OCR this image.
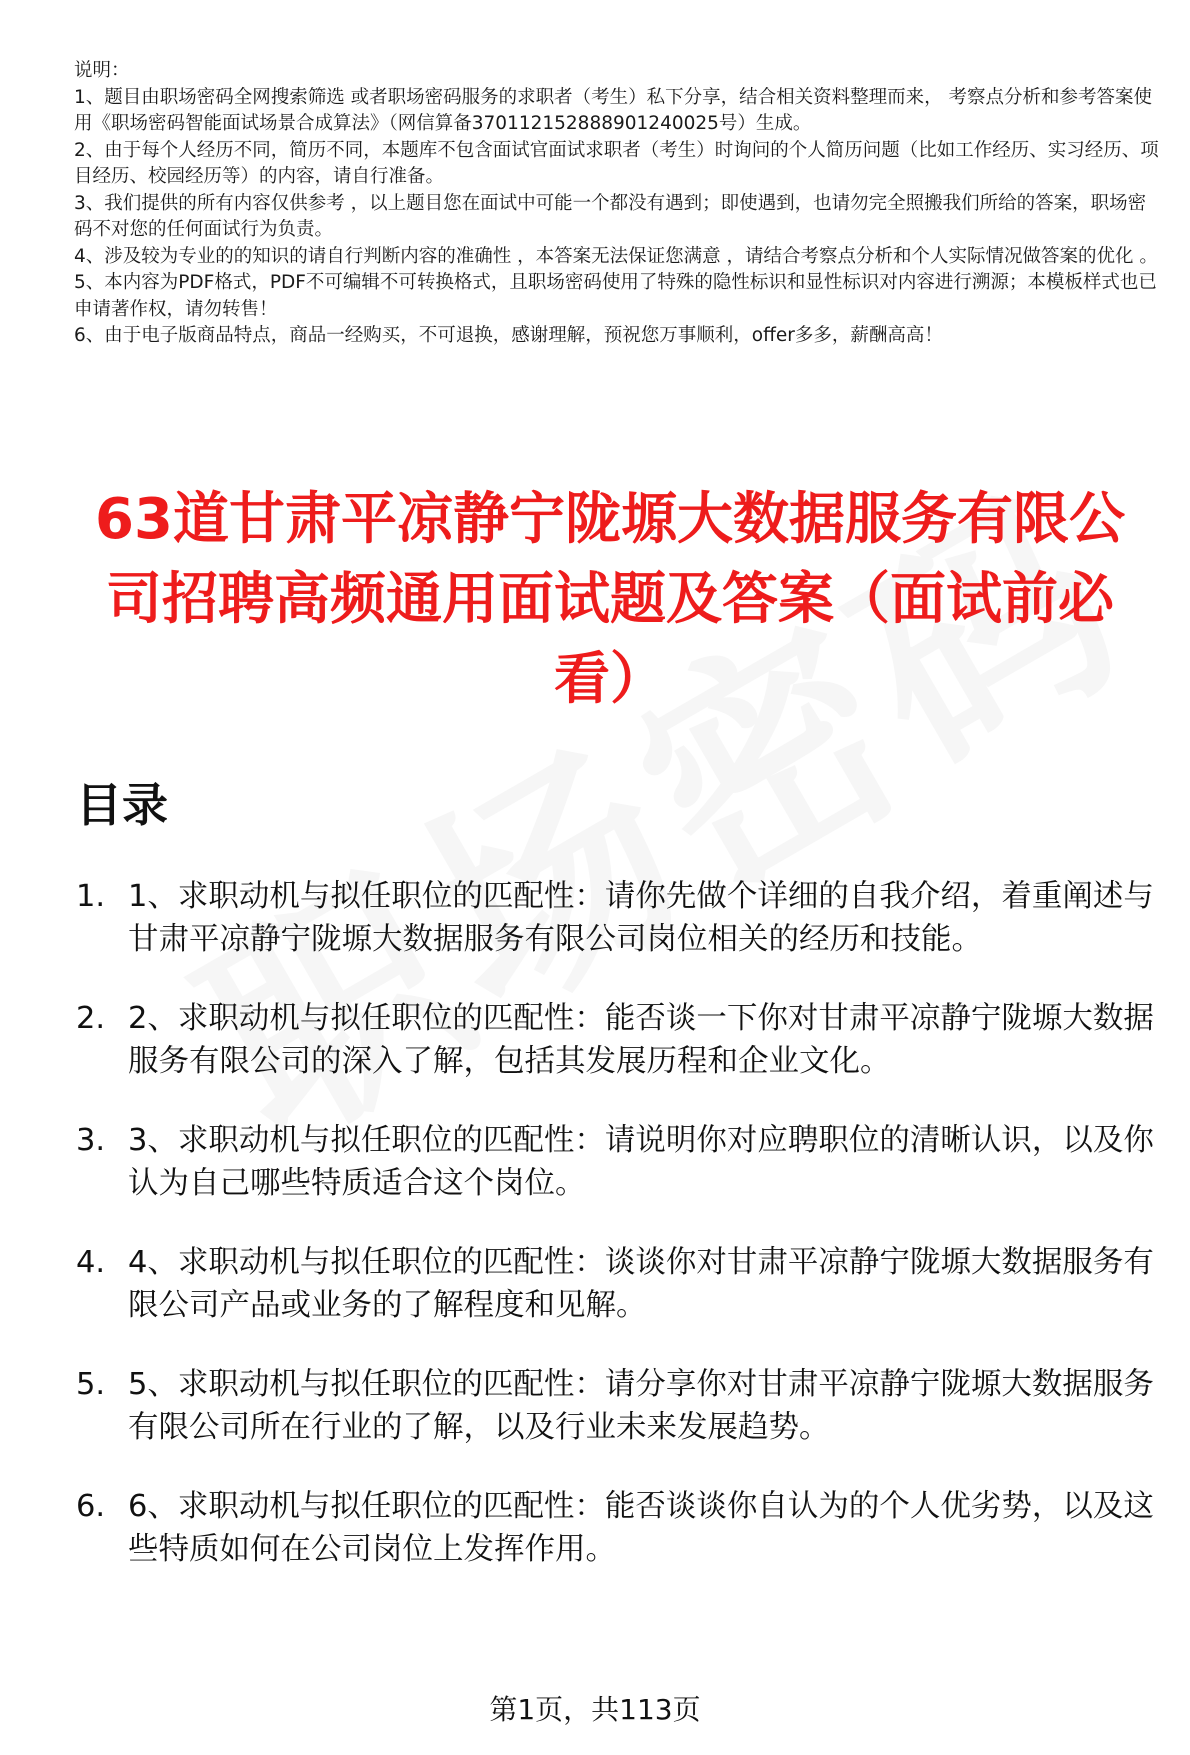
说明：

1、题目由职场密码全网搜索筛选 或者职场密码服务的求职者（考生）私下分享，结合相关资料整理而来， 考察点分析和参考答案使用《职场密码智能面试场景合成算法》（网信算备370112152888901240025号）生成。

2、由于每个人经历不同，简历不同，本题库不包含面试官面试求职者（考生）时询问的个人简历问题（比如工作经历、实习经历、项目经历、校园经历等）的内容，请自行准备。

3、我们提供的所有内容仅供参考 ，以上题目您在面试中可能一个都没有遇到；即使遇到，也请勿完全照搬我们所给的答案，职场密码不对您的任何面试行为负责。

4、涉及较为专业的的知识的请自行判断内容的准确性 ，本答案无法保证您满意 ，请结合考察点分析和个人实际情况做答案的优化 。

5、本内容为PDF格式，PDF不可编辑不可转换格式，且职场密码使用了特殊的隐性标识和显性标识对内容进行溯源；本模板样式也已申请著作权，请勿转售！

6、由于电子版商品特点，商品一经购买，不可退换，感谢理解，预祝您万事顺利，offer多多，薪酬高高！

63道甘肃平凉静宁陇塬大数据服务有限公司招聘高频通用面试题及答案（面试前必看）
目录
1. 1、求职动机与拟任职位的匹配性：请你先做个详细的自我介绍，着重阐述与甘肃平凉静宁陇塬大数据服务有限公司岗位相关的经历和技能。
2. 2、求职动机与拟任职位的匹配性：能否谈一下你对甘肃平凉静宁陇塬大数据服务有限公司的深入了解，包括其发展历程和企业文化。
3. 3、求职动机与拟任职位的匹配性：请说明你对应聘职位的清晰认识，以及你认为自己哪些特质适合这个岗位。
4. 4、求职动机与拟任职位的匹配性：谈谈你对甘肃平凉静宁陇塬大数据服务有限公司产品或业务的了解程度和见解。
5. 5、求职动机与拟任职位的匹配性：请分享你对甘肃平凉静宁陇塬大数据服务有限公司所在行业的了解，以及行业未来发展趋势。
6. 6、求职动机与拟任职位的匹配性：能否谈谈你自认为的个人优劣势，以及这些特质如何在公司岗位上发挥作用。
第1页，共113页
